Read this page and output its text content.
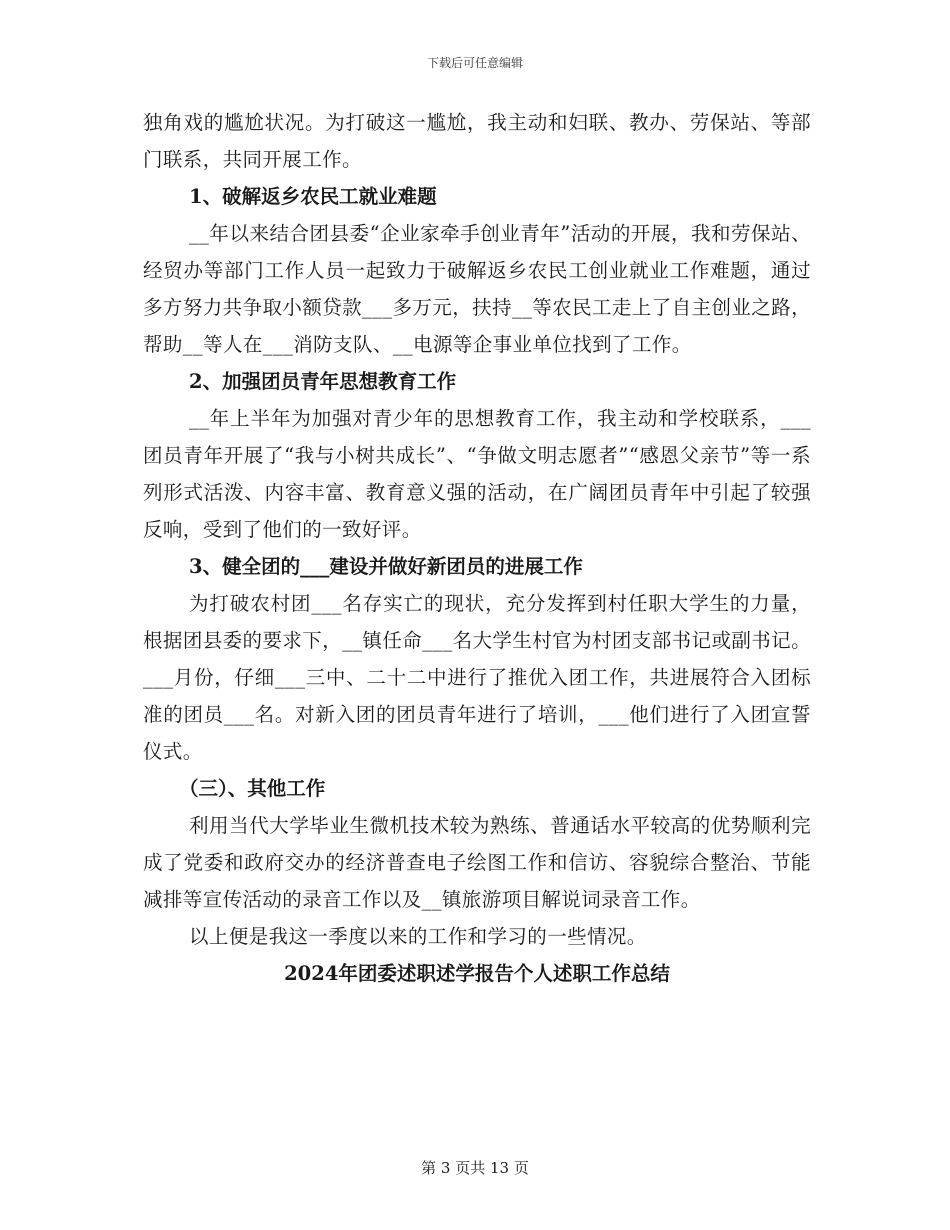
下载后可任意编辑

独角戏的尴尬状况。为打破这一尴尬，我主动和妇联、教办、劳保站、等部门联系，共同开展工作。

1、破解返乡农民工就业难题

__年以来结合团县委“企业家牵手创业青年”活动的开展，我和劳保站、经贸办等部门工作人员一起致力于破解返乡农民工创业就业工作难题，通过多方努力共争取小额贷款___多万元，扶持__等农民工走上了自主创业之路，帮助__等人在___消防支队、__电源等企事业单位找到了工作。

2、加强团员青年思想教育工作

__年上半年为加强对青少年的思想教育工作，我主动和学校联系，___团员青年开展了“我与小树共成长”、“争做文明志愿者”“感恩父亲节”等一系列形式活泼、内容丰富、教育意义强的活动，在广阔团员青年中引起了较强反响，受到了他们的一致好评。

3、健全团的___建设并做好新团员的进展工作

为打破农村团___名存实亡的现状，充分发挥到村任职大学生的力量，根据团县委的要求下，__镇任命___名大学生村官为村团支部书记或副书记。___月份，仔细___三中、二十二中进行了推优入团工作，共进展符合入团标准的团员___名。对新入团的团员青年进行了培训，___他们进行了入团宣誓仪式。

（三）、其他工作

利用当代大学毕业生微机技术较为熟练、普通话水平较高的优势顺利完成了党委和政府交办的经济普查电子绘图工作和信访、容貌综合整治、节能减排等宣传活动的录音工作以及__镇旅游项目解说词录音工作。

以上便是我这一季度以来的工作和学习的一些情况。

2024年团委述职述学报告个人述职工作总结

第 3 页共 13 页
